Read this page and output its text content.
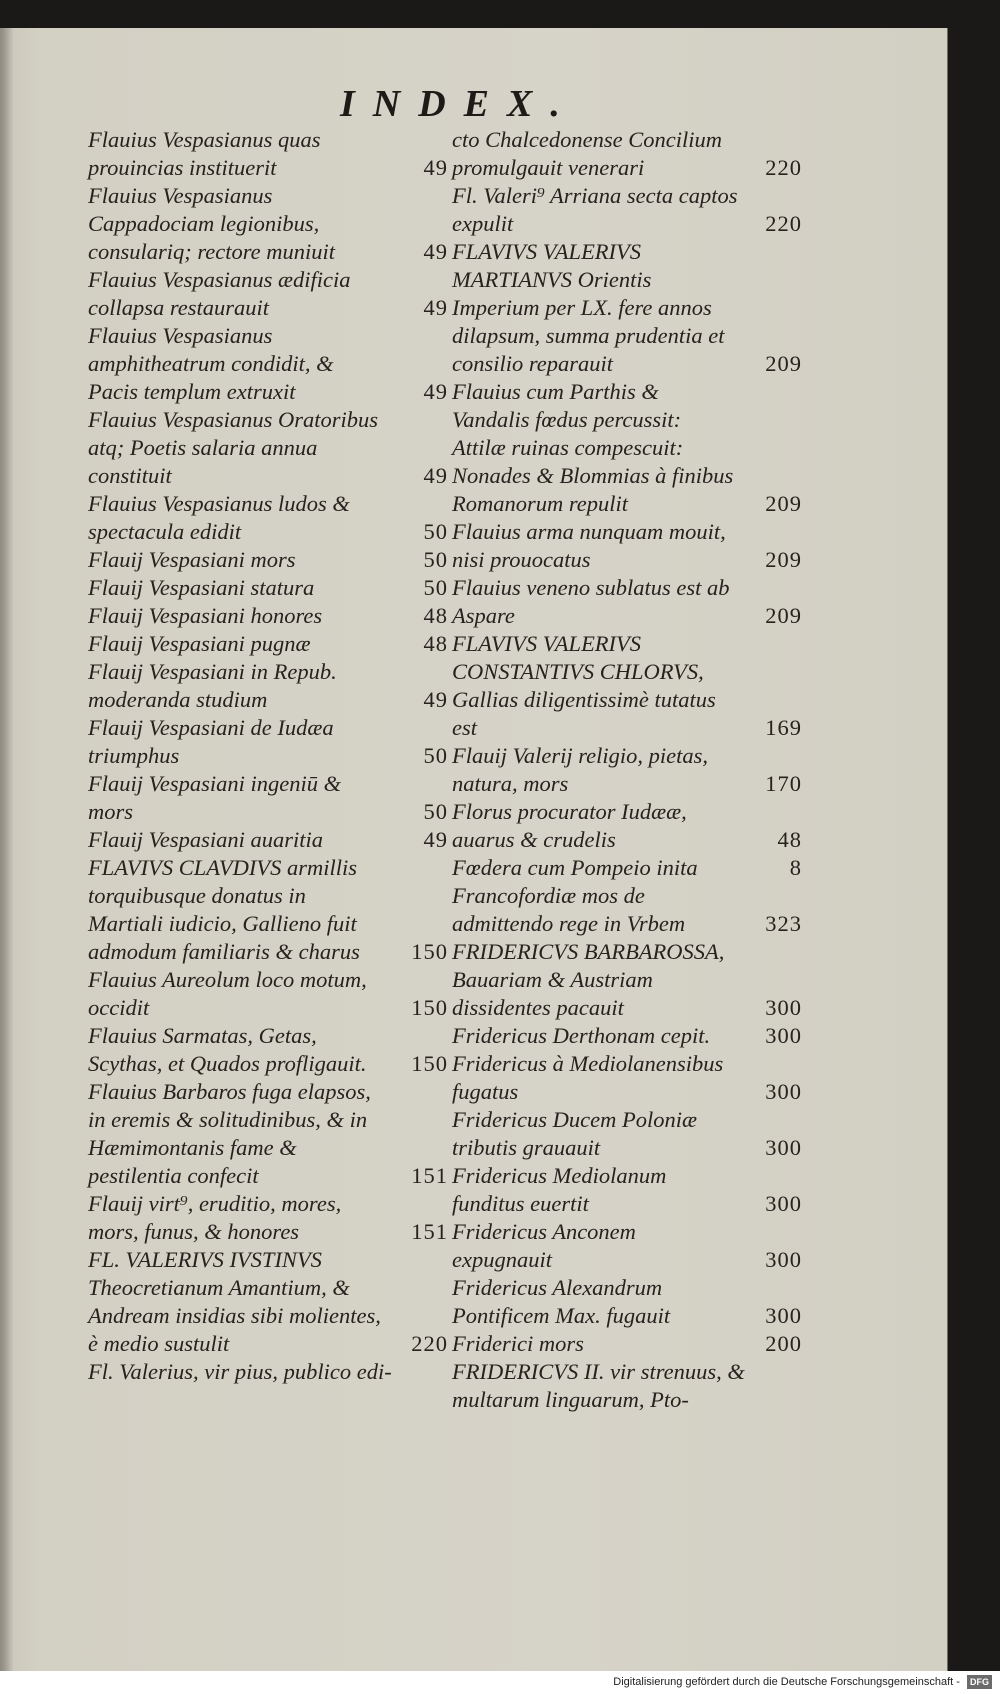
INDEX.
Flauius Vespasianus quas prouincias instituerit	49
Flauius Vespasianus Cappadociam legionibus, consulariq; rectore muniuit	49
Flauius Vespasianus ædificia collapsa restaurauit	49
Flauius Vespasianus amphitheatrum condidit, & Pacis templum extruxit	49
Flauius Vespasianus Oratoribus atq; Poetis salaria annua constituit	49
Flauius Vespasianus ludos & spectacula edidit	50
Flauij Vespasiani mors	50
Flauij Vespasiani statura	50
Flauij Vespasiani honores	48
Flauij Vespasiani pugnæ	48
Flauij Vespasiani in Repub. moderanda studium	49
Flauij Vespasiani de Iudæa triumphus	50
Flauij Vespasiani ingeniū & mors	50
Flauij Vespasiani auaritia	49
FLAVIVS CLAVDIVS armillis torquibusque donatus in Martiali iudicio, Gallieno fuit admodum familiaris & charus	150
Flauius Aureolum loco motum, occidit	150
Flauius Sarmatas, Getas, Scythas, et Quados profligauit.	150
Flauius Barbaros fuga elapsos, in eremis & solitudinibus, & in Hæmimontanis fame & pestilentia confecit	151
Flauij virt⁹, eruditio, mores, mors, funus, & honores	151
FL. VALERIVS IVSTINVS Theocretianum Amantium, & Andream insidias sibi molientes, è medio sustulit	220
Fl. Valerius, vir pius, publico edi-
cto Chalcedonense Concilium promulgauit venerari	220
Fl. Valeri⁹ Arriana secta captos expulit	220
FLAVIVS VALERIVS MARTIANVS Orientis Imperium per LX. fere annos dilapsum, summa prudentia et consilio reparauit	209
Flauius cum Parthis & Vandalis fœdus percussit: Attilæ ruinas compescuit: Nonades & Blommias à finibus Romanorum repulit	209
Flauius arma nunquam mouit, nisi prouocatus	209
Flauius veneno sublatus est ab Aspare	209
FLAVIVS VALERIVS CONSTANTIVS CHLORVS, Gallias diligentissimè tutatus est	169
Flauij Valerij religio, pietas, natura, mors	170
Florus procurator Iudææ, auarus & crudelis	48
Fœdera cum Pompeio inita	8
Francofordiæ mos de admittendo rege in Vrbem	323
FRIDERICVS BARBAROSSA, Bauariam & Austriam dissidentes pacauit	300
Fridericus Derthonam cepit.	300
Fridericus à Mediolanensibus fugatus	300
Fridericus Ducem Poloniæ tributis grauauit	300
Fridericus Mediolanum funditus euertit	300
Fridericus Anconem expugnauit	300
Fridericus Alexandrum Pontificem Max. fugauit	300
Friderici mors	200
FRIDERICVS II. vir strenuus, & multarum linguarum, Pto-
Digitalisierung gefördert durch die Deutsche Forschungsgemeinschaft - DFG
